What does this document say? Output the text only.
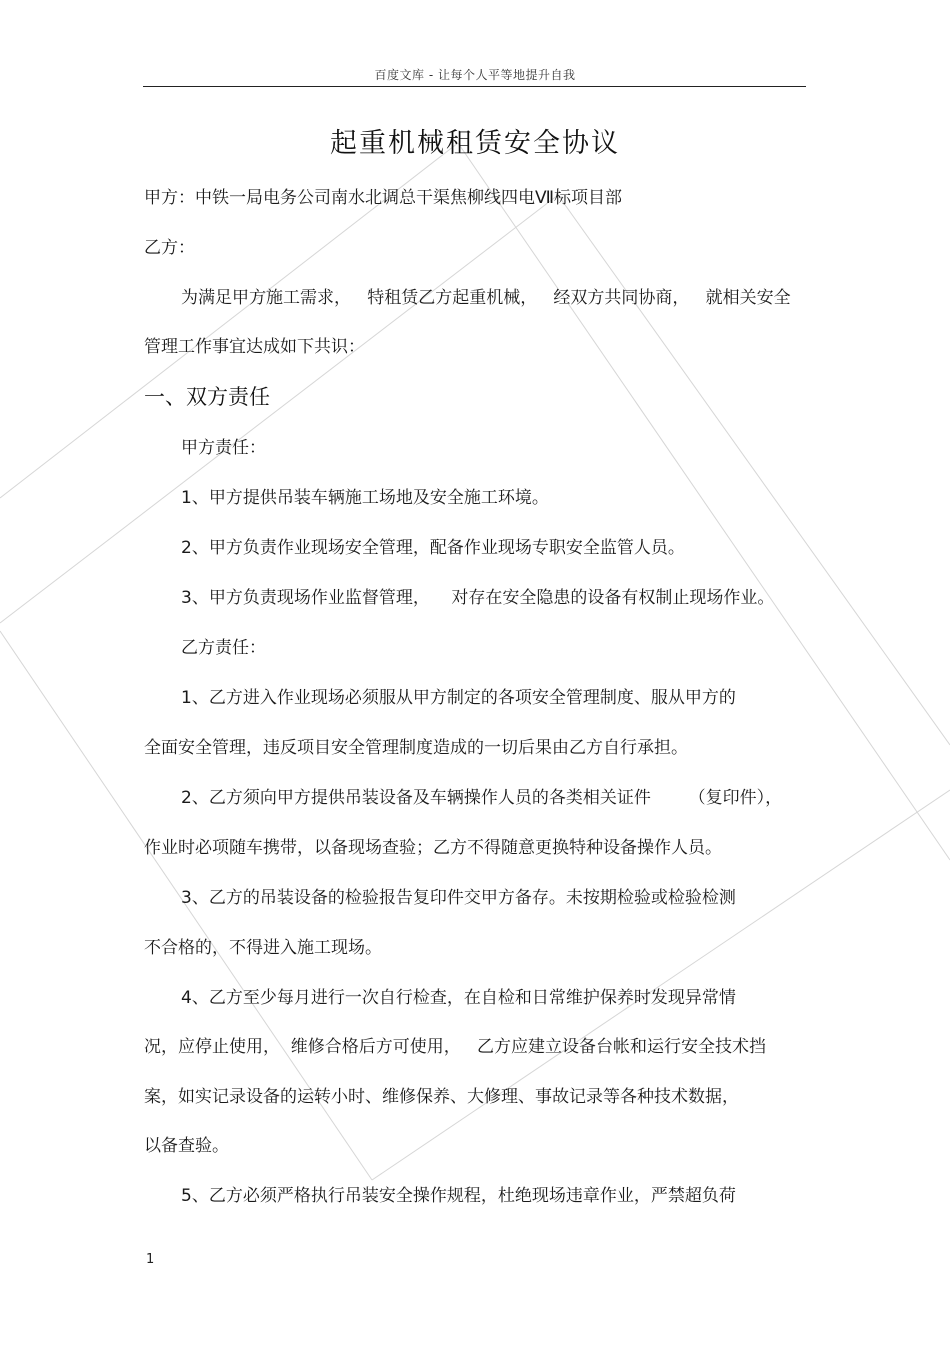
百度文库 - 让每个人平等地提升自我
起重机械租赁安全协议
甲方：中铁一局电务公司南水北调总干渠焦柳线四电Ⅶ标项目部
乙方：
为满足甲方施工需求，   特租赁乙方起重机械，   经双方共同协商，   就相关安全
管理工作事宜达成如下共识：
一、双方责任
甲方责任：
1、甲方提供吊装车辆施工场地及安全施工环境。
2、甲方负责作业现场安全管理，配备作业现场专职安全监管人员。
3、甲方负责现场作业监督管理，    对存在安全隐患的设备有权制止现场作业。
乙方责任：
1、乙方进入作业现场必须服从甲方制定的各项安全管理制度、服从甲方的
全面安全管理，违反项目安全管理制度造成的一切后果由乙方自行承担。
2、乙方须向甲方提供吊装设备及车辆操作人员的各类相关证件       （复印件），
作业时必项随车携带，以备现场查验；乙方不得随意更换特种设备操作人员。
3、乙方的吊装设备的检验报告复印件交甲方备存。未按期检验或检验检测
不合格的，不得进入施工现场。
4、乙方至少每月进行一次自行检查，在自检和日常维护保养时发现异常情
况，应停止使用，  维修合格后方可使用，   乙方应建立设备台帐和运行安全技术挡
案，如实记录设备的运转小时、维修保养、大修理、事故记录等各种技术数据，
以备查验。
5、乙方必须严格执行吊装安全操作规程，杜绝现场违章作业，严禁超负荷
1
